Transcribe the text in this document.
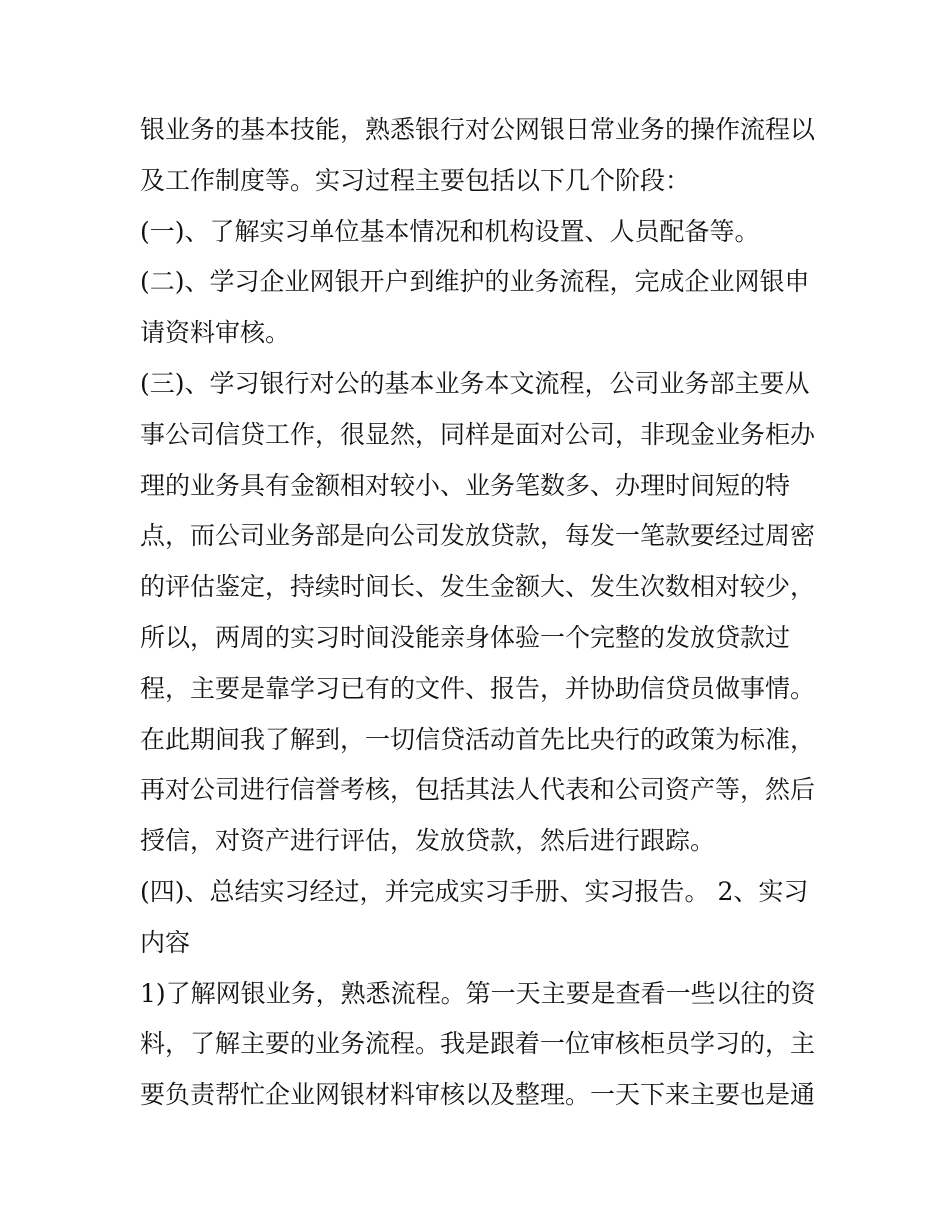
银业务的基本技能，熟悉银行对公网银日常业务的操作流程以
及工作制度等。实习过程主要包括以下几个阶段：
(一)、了解实习单位基本情况和机构设置、人员配备等。
(二)、学习企业网银开户到维护的业务流程，完成企业网银申
请资料审核。
(三)、学习银行对公的基本业务本文流程，公司业务部主要从
事公司信贷工作，很显然，同样是面对公司，非现金业务柜办
理的业务具有金额相对较小、业务笔数多、办理时间短的特
点，而公司业务部是向公司发放贷款，每发一笔款要经过周密
的评估鉴定，持续时间长、发生金额大、发生次数相对较少，
所以，两周的实习时间没能亲身体验一个完整的发放贷款过
程，主要是靠学习已有的文件、报告，并协助信贷员做事情。
在此期间我了解到，一切信贷活动首先比央行的政策为标准，
再对公司进行信誉考核，包括其法人代表和公司资产等，然后
授信，对资产进行评估，发放贷款，然后进行跟踪。
(四)、总结实习经过，并完成实习手册、实习报告。 2、实习
内容
1)了解网银业务，熟悉流程。第一天主要是查看一些以往的资
料，了解主要的业务流程。我是跟着一位审核柜员学习的，主
要负责帮忙企业网银材料审核以及整理。一天下来主要也是通
